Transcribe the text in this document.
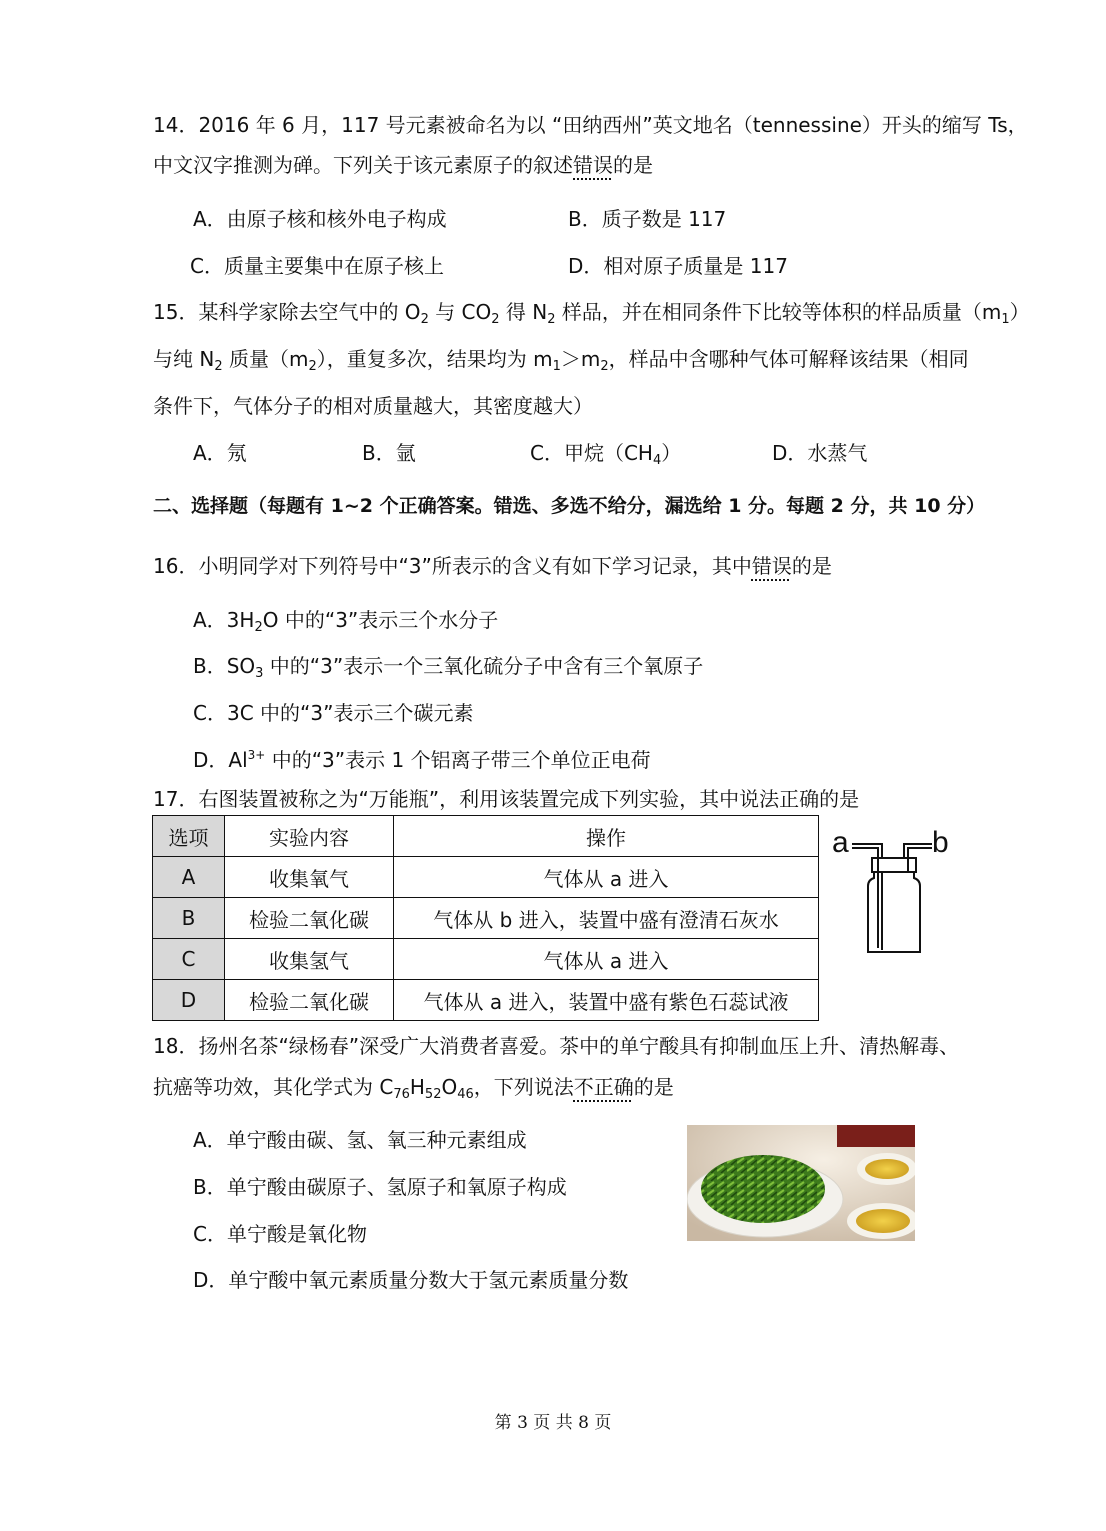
14．2016 年 6 月，117 号元素被命名为以 “田纳西州”英文地名（tennessine）开头的缩写 Ts，
中文汉字推测为䃅。下列关于该元素原子的叙述错误的是
A．由原子核和核外电子构成	B．质子数是 117
C．质量主要集中在原子核上	D．相对原子质量是 117
15．某科学家除去空气中的 $O_2$ 与 $CO_2$ 得 $N_2$ 样品，并在相同条件下比较等体积的样品质量$(m_1)$
与纯 $N_2$ 质量$(m_2)$，重复多次，结果均为 $m_1>m_2$，样品中含哪种气体可解释该结果（相同
条件下，气体分子的相对质量越大，其密度越大）
A．氖	B．氩	C．甲烷$(CH_4)$	D．水蒸气
二、选择题（每题有 1~2 个正确答案。错选、多选不给分，漏选给 1 分。每题 2 分，共 10 分）
16．小明同学对下列符号中“3”所表示的含义有如下学习记录，其中错误的是
A．$3H_2O$ 中的“3”表示三个水分子
B．$SO_3$ 中的“3”表示一个三氧化硫分子中含有三个氧原子
C．3C 中的“3”表示三个碳元素
D．$Al^{3+}$ 中的“3”表示 1 个铝离子带三个单位正电荷
17．右图装置被称之为“万能瓶”，利用该装置完成下列实验，其中说法正确的是
选项	实验内容	操作
A	收集氧气	气体从 a 进入
B	检验二氧化碳	气体从 b 进入，装置中盛有澄清石灰水
C	收集氢气	气体从 a 进入
D	检验二氧化碳	气体从 a 进入，装置中盛有紫色石蕊试液
a	b
18．扬州名茶“绿杨春”深受广大消费者喜爱。茶中的单宁酸具有抑制血压上升、清热解毒、
抗癌等功效，其化学式为 $C_{76}H_{52}O_{46}$，下列说法不正确的是
A．单宁酸由碳、氢、氧三种元素组成
B．单宁酸由碳原子、氢原子和氧原子构成
C．单宁酸是氧化物
D．单宁酸中氧元素质量分数大于氢元素质量分数
第 3 页 共 8 页
